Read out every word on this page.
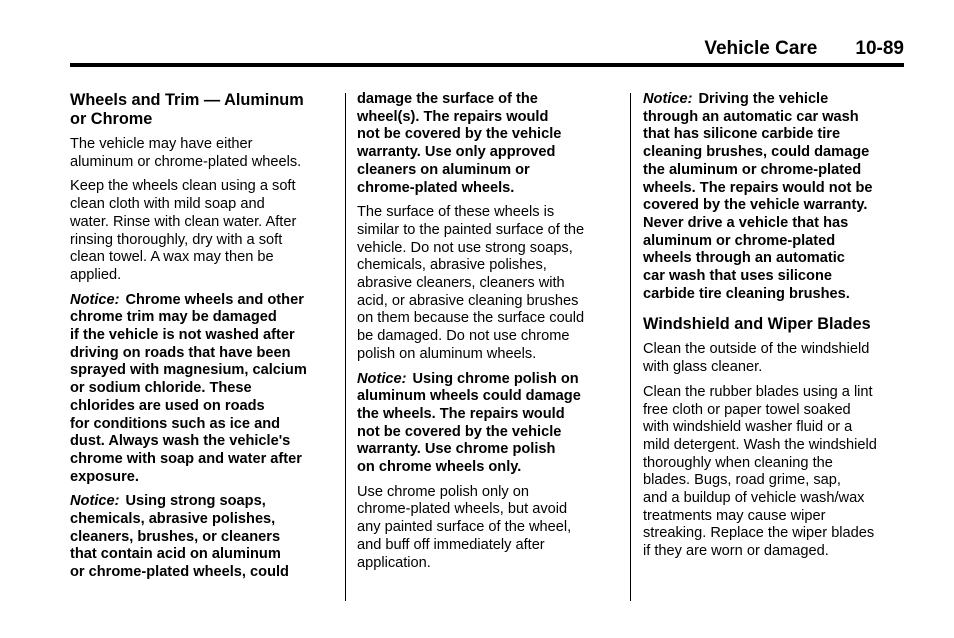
Vehicle Care 10-89
Wheels and Trim — Aluminum
or Chrome

The vehicle may have either
aluminum or chrome-plated wheels.

Keep the wheels clean using a soft
clean cloth with mild soap and
water. Rinse with clean water. After
rinsing thoroughly, dry with a soft
clean towel. A wax may then be
applied.

Notice: Chrome wheels and other
chrome trim may be damaged
if the vehicle is not washed after
driving on roads that have been
sprayed with magnesium, calcium
or sodium chloride. These
chlorides are used on roads
for conditions such as ice and
dust. Always wash the vehicle's
chrome with soap and water after
exposure.

Notice: Using strong soaps,
chemicals, abrasive polishes,
cleaners, brushes, or cleaners
that contain acid on aluminum
or chrome-plated wheels, could

damage the surface of the
wheel(s). The repairs would
not be covered by the vehicle
warranty. Use only approved
cleaners on aluminum or
chrome-plated wheels.

The surface of these wheels is
similar to the painted surface of the
vehicle. Do not use strong soaps,
chemicals, abrasive polishes,
abrasive cleaners, cleaners with
acid, or abrasive cleaning brushes
on them because the surface could
be damaged. Do not use chrome
polish on aluminum wheels.

Notice: Using chrome polish on
aluminum wheels could damage
the wheels. The repairs would
not be covered by the vehicle
warranty. Use chrome polish
on chrome wheels only.

Use chrome polish only on
chrome-plated wheels, but avoid
any painted surface of the wheel,
and buff off immediately after
application.

Notice: Driving the vehicle
through an automatic car wash
that has silicone carbide tire
cleaning brushes, could damage
the aluminum or chrome-plated
wheels. The repairs would not be
covered by the vehicle warranty.
Never drive a vehicle that has
aluminum or chrome-plated
wheels through an automatic
car wash that uses silicone
carbide tire cleaning brushes.

Windshield and Wiper Blades

Clean the outside of the windshield
with glass cleaner.

Clean the rubber blades using a lint
free cloth or paper towel soaked
with windshield washer fluid or a
mild detergent. Wash the windshield
thoroughly when cleaning the
blades. Bugs, road grime, sap,
and a buildup of vehicle wash/wax
treatments may cause wiper
streaking. Replace the wiper blades
if they are worn or damaged.
